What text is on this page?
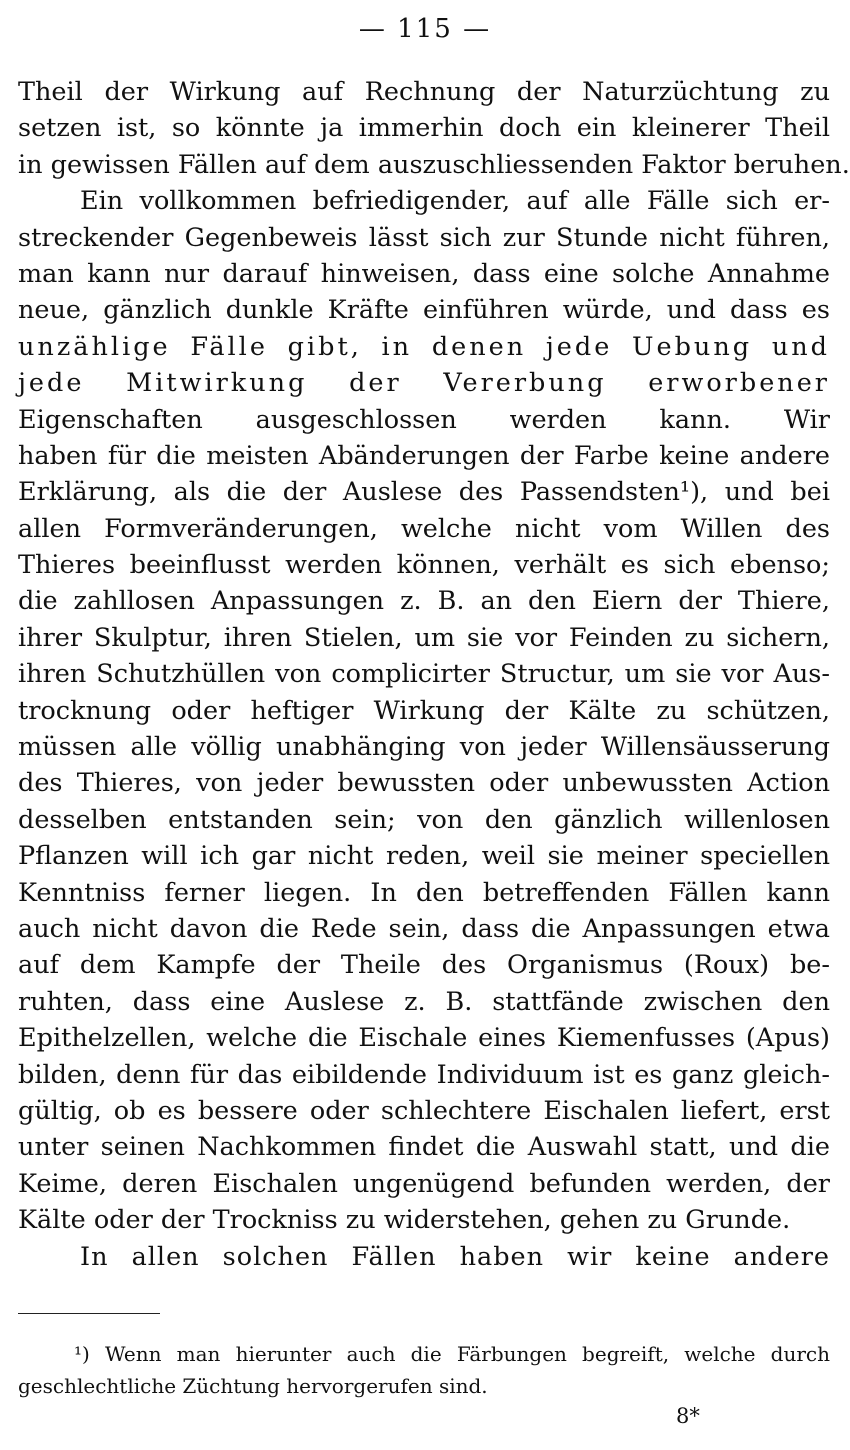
— 115 —
Theil der Wirkung auf Rechnung der Naturzüchtung zu
setzen ist, so könnte ja immerhin doch ein kleinerer Theil
in gewissen Fällen auf dem auszuschliessenden Faktor beruhen.
Ein vollkommen befriedigender, auf alle Fälle sich er-
streckender Gegenbeweis lässt sich zur Stunde nicht führen,
man kann nur darauf hinweisen, dass eine solche Annahme
neue, gänzlich dunkle Kräfte einführen würde, und dass es
unzählige Fälle gibt, in denen jede Uebung und
jede Mitwirkung der Vererbung erworbener
Eigenschaften ausgeschlossen werden kann. Wir
haben für die meisten Abänderungen der Farbe keine andere
Erklärung, als die der Auslese des Passendsten¹), und bei
allen Formveränderungen, welche nicht vom Willen des
Thieres beeinflusst werden können, verhält es sich ebenso;
die zahllosen Anpassungen z. B. an den Eiern der Thiere,
ihrer Skulptur, ihren Stielen, um sie vor Feinden zu sichern,
ihren Schutzhüllen von complicirter Structur, um sie vor Aus-
trocknung oder heftiger Wirkung der Kälte zu schützen,
müssen alle völlig unabhänging von jeder Willensäusserung
des Thieres, von jeder bewussten oder unbewussten Action
desselben entstanden sein; von den gänzlich willenlosen
Pflanzen will ich gar nicht reden, weil sie meiner speciellen
Kenntniss ferner liegen. In den betreffenden Fällen kann
auch nicht davon die Rede sein, dass die Anpassungen etwa
auf dem Kampfe der Theile des Organismus (Roux) be-
ruhten, dass eine Auslese z. B. stattfände zwischen den
Epithelzellen, welche die Eischale eines Kiemenfusses (Apus)
bilden, denn für das eibildende Individuum ist es ganz gleich-
gültig, ob es bessere oder schlechtere Eischalen liefert, erst
unter seinen Nachkommen findet die Auswahl statt, und die
Keime, deren Eischalen ungenügend befunden werden, der
Kälte oder der Trockniss zu widerstehen, gehen zu Grunde.
In allen solchen Fällen haben wir keine andere
¹) Wenn man hierunter auch die Färbungen begreift, welche durch
geschlechtliche Züchtung hervorgerufen sind.
8*
